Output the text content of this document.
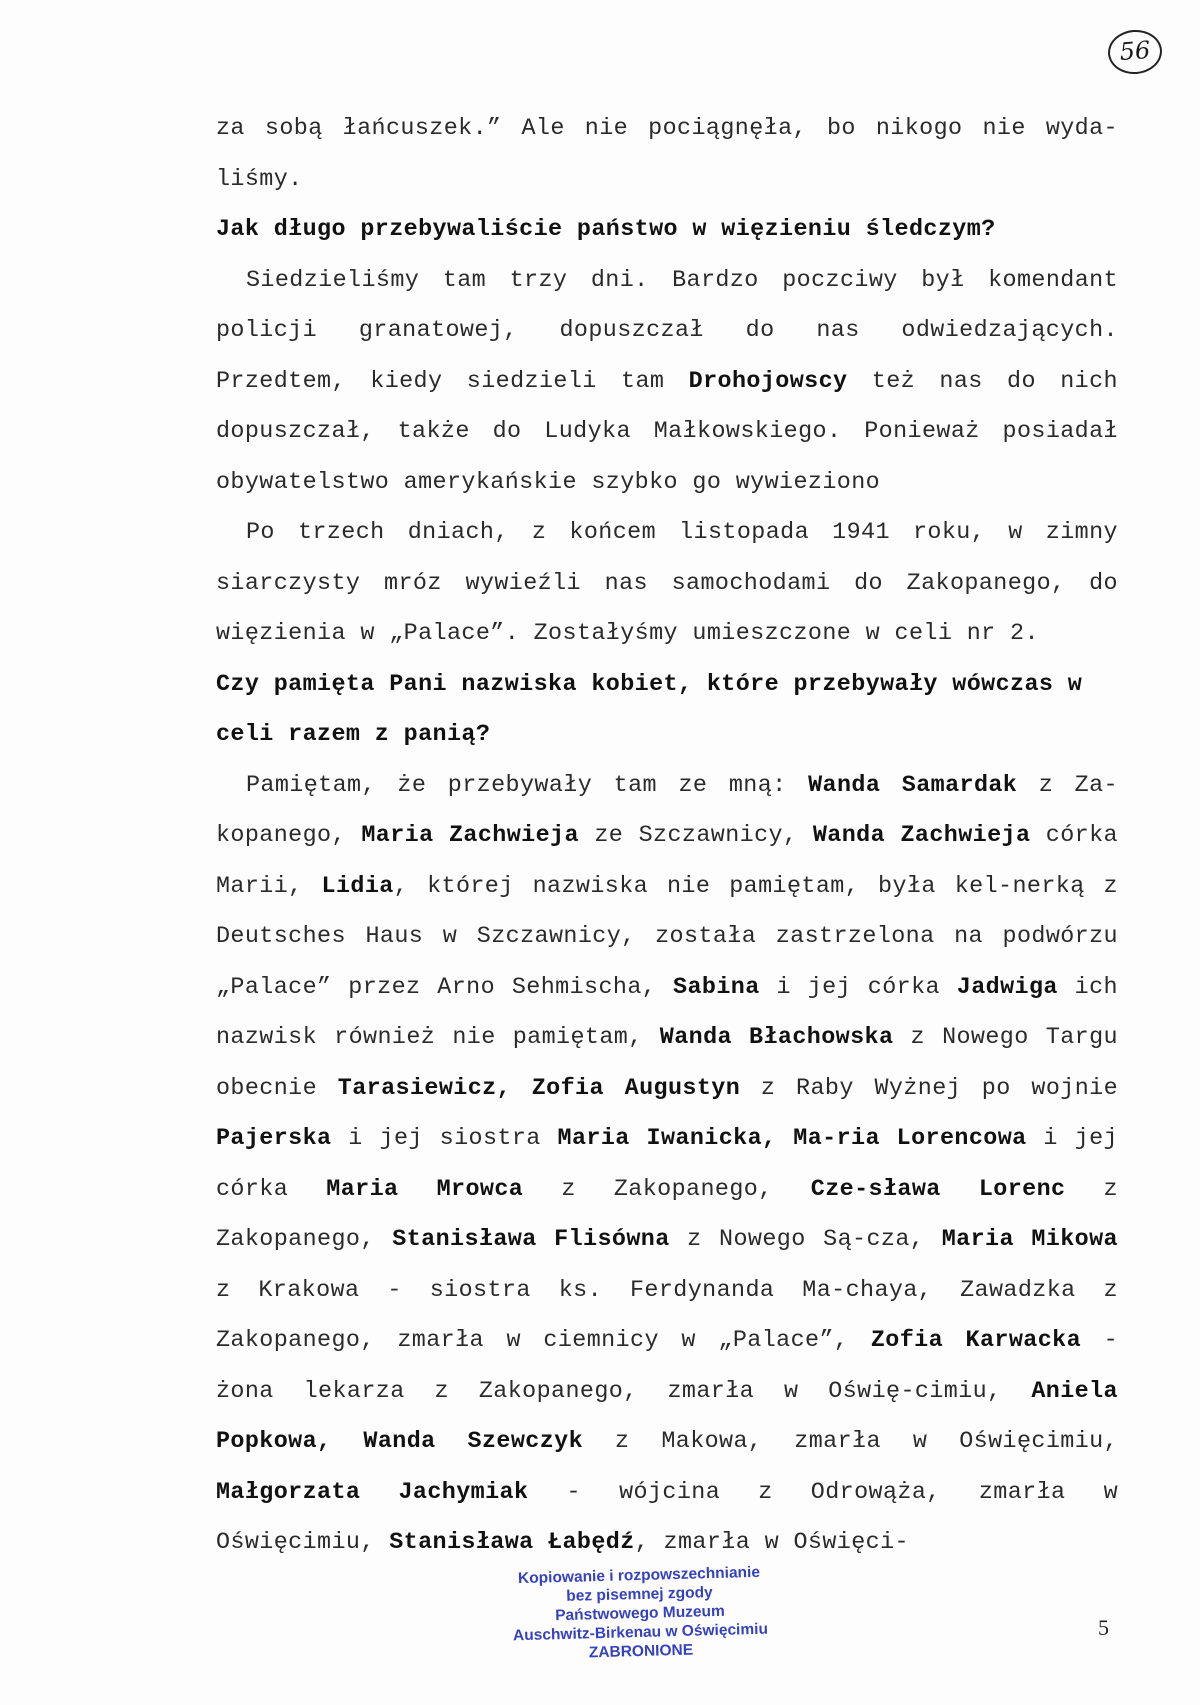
56

za sobą łańcuszek.” Ale nie pociągnęła, bo nikogo nie wyda-liśmy.

Jak długo przebywaliście państwo w więzieniu śledczym?

Siedzieliśmy tam trzy dni. Bardzo poczciwy był komendant policji granatowej, dopuszczał do nas odwiedzających. Przedtem, kiedy siedzieli tam Drohojowscy też nas do nich dopuszczał, także do Ludyka Małkowskiego. Ponieważ posiadał obywatelstwo amerykańskie szybko go wywieziono

Po trzech dniach, z końcem listopada 1941 roku, w zimny siarczysty mróz wywieźli nas samochodami do Zakopanego, do więzienia w „Palace”. Zostałyśmy umieszczone w celi nr 2.

Czy pamięta Pani nazwiska kobiet, które przebywały wówczas w celi razem z panią?

Pamiętam, że przebywały tam ze mną: Wanda Samardak z Za-kopanego, Maria Zachwieja ze Szczawnicy, Wanda Zachwieja córka Marii, Lidia, której nazwiska nie pamiętam, była kel-nerką z Deutsches Haus w Szczawnicy, została zastrzelona na podwórzu „Palace” przez Arno Sehmischa, Sabina i jej córka Jadwiga ich nazwisk również nie pamiętam, Wanda Błachowska z Nowego Targu obecnie Tarasiewicz, Zofia Augustyn z Raby Wyżnej po wojnie Pajerska i jej siostra Maria Iwanicka, Ma-ria Lorencowa i jej córka Maria Mrowca z Zakopanego, Cze-sława Lorenc z Zakopanego, Stanisława Flisówna z Nowego Są-cza, Maria Mikowa z Krakowa - siostra ks. Ferdynanda Ma-chaya, Zawadzka z Zakopanego, zmarła w ciemnicy w „Palace”, Zofia Karwacka - żona lekarza z Zakopanego, zmarła w Oświę-cimiu, Aniela Popkowa, Wanda Szewczyk z Makowa, zmarła w Oświęcimiu, Małgorzata Jachymiak - wójcina z Odrowąża, zmarła w Oświęcimiu, Stanisława Łabędź, zmarła w Oświęci-

Kopiowanie i rozpowszechnianie
bez pisemnej zgody
Państwowego Muzeum
Auschwitz-Birkenau w Oświęcimiu
ZABRONIONE
5
